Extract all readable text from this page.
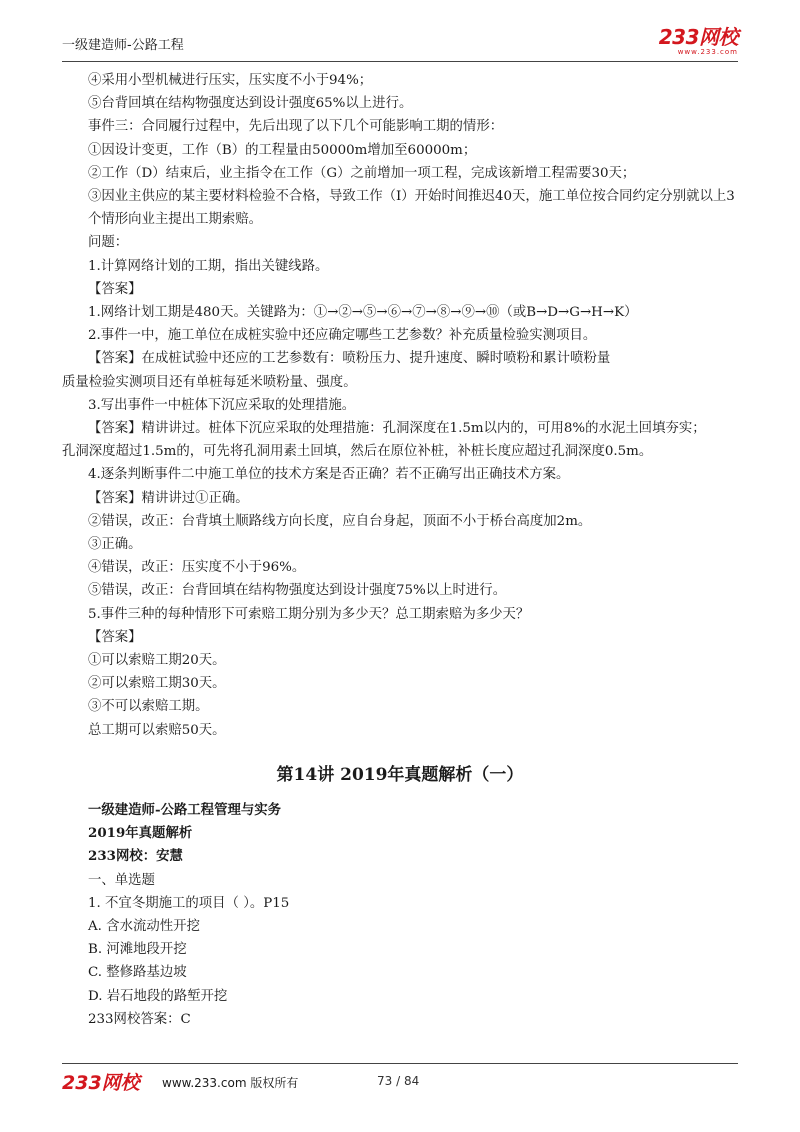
一级建造师-公路工程	233网校
www.233.com
④采用小型机械进行压实，压实度不小于94%；
⑤台背回填在结构物强度达到设计强度65%以上进行。
事件三：合同履行过程中，先后出现了以下几个可能影响工期的情形：
①因设计变更，工作（B）的工程量由50000m增加至60000m；
②工作（D）结束后，业主指令在工作（G）之前增加一项工程，完成该新增工程需要30天；
③因业主供应的某主要材料检验不合格，导致工作（Ⅰ）开始时间推迟40天，施工单位按合同约定分别就以上3个情形向业主提出工期索赔。
问题：
1.计算网络计划的工期，指出关键线路。
【答案】
1.网络计划工期是480天。关键路为：①→②→⑤→⑥→⑦→⑧→⑨→⑩（或B→D→G→H→K）
2.事件一中，施工单位在成桩实验中还应确定哪些工艺参数？补充质量检验实测项目。
【答案】在成桩试验中还应的工艺参数有：喷粉压力、提升速度、瞬时喷粉和累计喷粉量
质量检验实测项目还有单桩每延米喷粉量、强度。
3.写出事件一中桩体下沉应采取的处理措施。
【答案】精讲讲过。桩体下沉应采取的处理措施：孔洞深度在1.5m以内的，可用8%的水泥土回填夯实；
孔洞深度超过1.5m的，可先将孔洞用素土回填，然后在原位补桩，补桩长度应超过孔洞深度0.5m。
4.逐条判断事件二中施工单位的技术方案是否正确？若不正确写出正确技术方案。
【答案】精讲讲过①正确。
②错误，改正：台背填土顺路线方向长度，应自台身起，顶面不小于桥台高度加2m。
③正确。
④错误，改正：压实度不小于96%。
⑤错误，改正：台背回填在结构物强度达到设计强度75%以上时进行。
5.事件三种的每种情形下可索赔工期分别为多少天？总工期索赔为多少天？
【答案】
①可以索赔工期20天。
②可以索赔工期30天。
③不可以索赔工期。
总工期可以索赔50天。
第14讲 2019年真题解析（一）
一级建造师-公路工程管理与实务
2019年真题解析
233网校：安慧
一、单选题
1. 不宜冬期施工的项目（ ）。P15
A. 含水流动性开挖
B. 河滩地段开挖
C. 整修路基边坡
D. 岩石地段的路堑开挖
233网校答案：C
233网校 www.233.com 版权所有	73 / 84
